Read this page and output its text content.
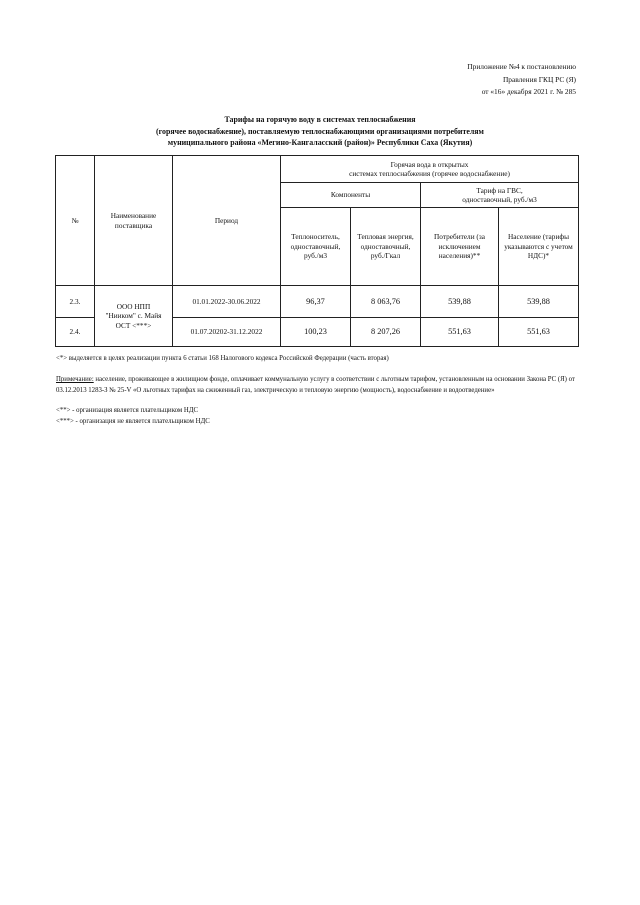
Приложение №4 к постановлению
Правления ГКЦ РС (Я)
от «16» декабря 2021 г. № 285
Тарифы на горячую воду в системах теплоснабжения
(горячее водоснабжение), поставляемую теплоснабжающими организациями потребителям
муниципального района «Мегино-Кангаласский (район)» Республики Саха (Якутия)
№	Наименование поставщика	Период	Горячая вода в открытых
системах теплоснабжения (горячее водоснабжение)			

			Компоненты		Тариф на ГВС,
одноставочный, руб./м3	

			Теплоноситель, одноставочный, руб./м3	Тепловая энергия, одноставочный, руб./Гкал	Потребители (за исключением населения)**	Население (тарифы указываются с учетом НДС)*
2.3.	ООО НПП
"Нииком" с. Майя
ОСТ <***>	01.01.2022-30.06.2022	96,37	8 063,76	539,88	539,88
2.4.		01.07.20202-31.12.2022	100,23	8 207,26	551,63	551,63

<*> выделяется в целях реализации пункта 6 статьи 168 Налогового кодекса Российской Федерации (часть вторая)

Примечание: население, проживающее в жилищном фонде, оплачивает коммунальную услугу в соответствии с льготным тарифом, установленным на основании Закона РС (Я) от 03.12.2013 1283-З № 25-V «О льготных тарифах на сжиженный газ, электрическую и тепловую энергию (мощность), водоснабжение и водоотведение»

<**> - организация является плательщиком НДС

<***> - организация не является плательщиком НДС
